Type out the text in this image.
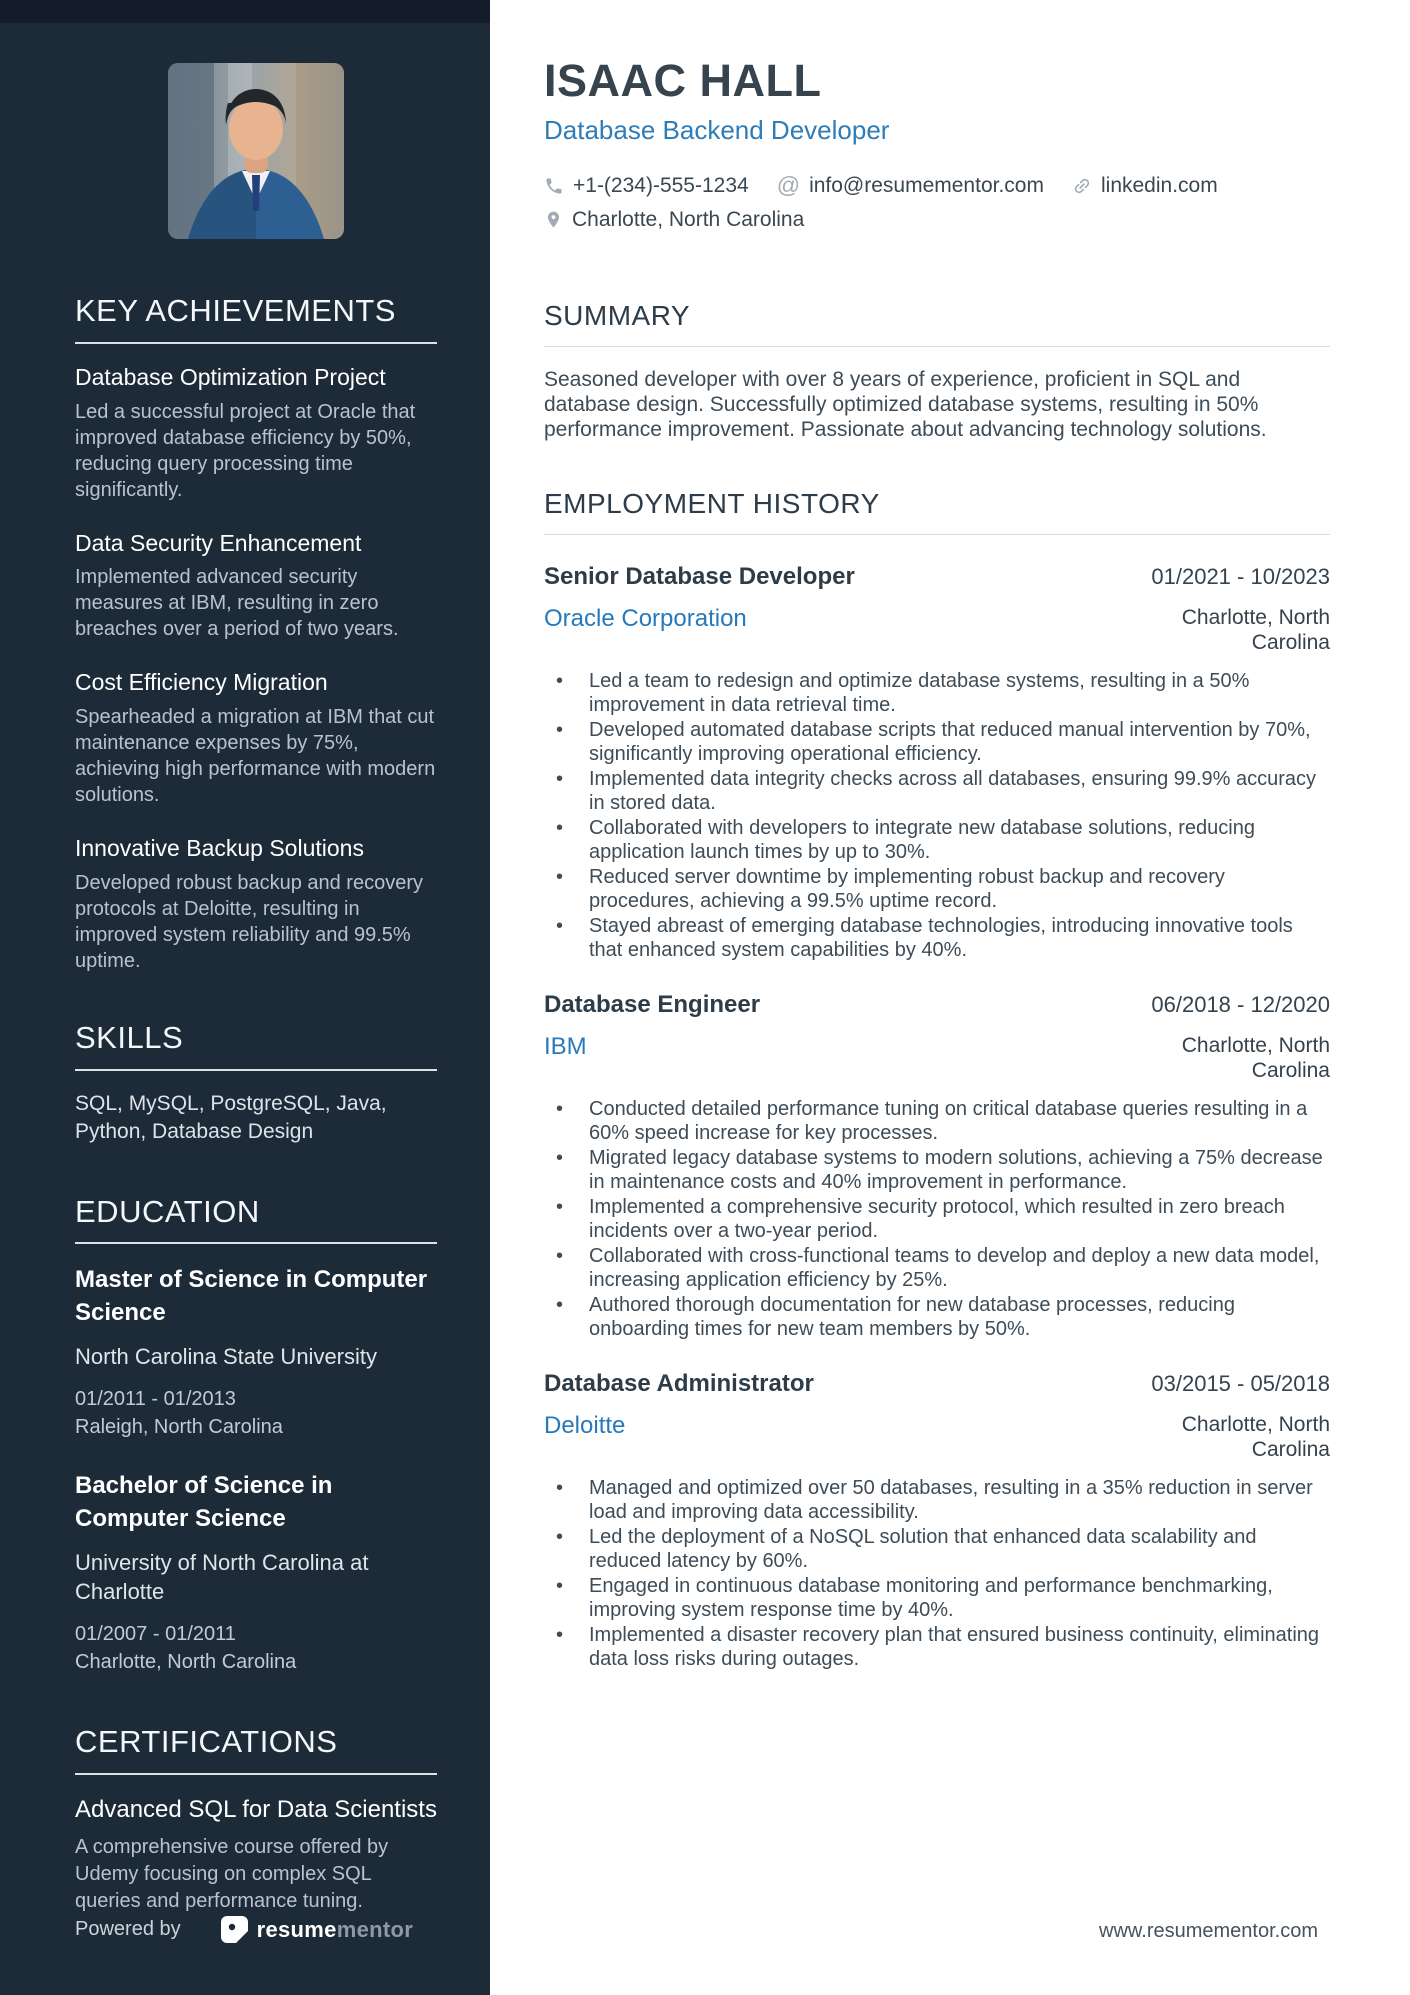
KEY ACHIEVEMENTS
Database Optimization Project
Led a successful project at Oracle that improved database efficiency by 50%, reducing query processing time significantly.
Data Security Enhancement
Implemented advanced security measures at IBM, resulting in zero breaches over a period of two years.
Cost Efficiency Migration
Spearheaded a migration at IBM that cut maintenance expenses by 75%, achieving high performance with modern solutions.
Innovative Backup Solutions
Developed robust backup and recovery protocols at Deloitte, resulting in improved system reliability and 99.5% uptime.
SKILLS
SQL, MySQL, PostgreSQL, Java, Python, Database Design
EDUCATION
Master of Science in Computer Science
North Carolina State University
01/2011 - 01/2013
Raleigh, North Carolina
Bachelor of Science in Computer Science
University of North Carolina at Charlotte
01/2007 - 01/2011
Charlotte, North Carolina
CERTIFICATIONS
Advanced SQL for Data Scientists
A comprehensive course offered by Udemy focusing on complex SQL queries and performance tuning.
Powered by	resumementor
ISAAC HALL
Database Backend Developer
+1-(234)-555-1234 @ info@resumementor.com	linkedin.com
Charlotte, North Carolina
SUMMARY

Seasoned developer with over 8 years of experience, proficient in SQL and database design. Successfully optimized database systems, resulting in 50% performance improvement. Passionate about advancing technology solutions.

EMPLOYMENT HISTORY
Senior Database Developer	01/2021 - 10/2023
Oracle Corporation	Charlotte, North Carolina
• Led a team to redesign and optimize database systems, resulting in a 50% improvement in data retrieval time.
• Developed automated database scripts that reduced manual intervention by 70%, significantly improving operational efficiency.
• Implemented data integrity checks across all databases, ensuring 99.9% accuracy in stored data.
• Collaborated with developers to integrate new database solutions, reducing application launch times by up to 30%.
• Reduced server downtime by implementing robust backup and recovery procedures, achieving a 99.5% uptime record.
• Stayed abreast of emerging database technologies, introducing innovative tools that enhanced system capabilities by 40%.
Database Engineer	06/2018 - 12/2020
IBM	Charlotte, North Carolina
• Conducted detailed performance tuning on critical database queries resulting in a 60% speed increase for key processes.
• Migrated legacy database systems to modern solutions, achieving a 75% decrease in maintenance costs and 40% improvement in performance.
• Implemented a comprehensive security protocol, which resulted in zero breach incidents over a two-year period.
• Collaborated with cross-functional teams to develop and deploy a new data model, increasing application efficiency by 25%.
• Authored thorough documentation for new database processes, reducing onboarding times for new team members by 50%.
Database Administrator	03/2015 - 05/2018
Deloitte	Charlotte, North Carolina
• Managed and optimized over 50 databases, resulting in a 35% reduction in server load and improving data accessibility.
• Led the deployment of a NoSQL solution that enhanced data scalability and reduced latency by 60%.
• Engaged in continuous database monitoring and performance benchmarking, improving system response time by 40%.
• Implemented a disaster recovery plan that ensured business continuity, eliminating data loss risks during outages.
www.resumementor.com
